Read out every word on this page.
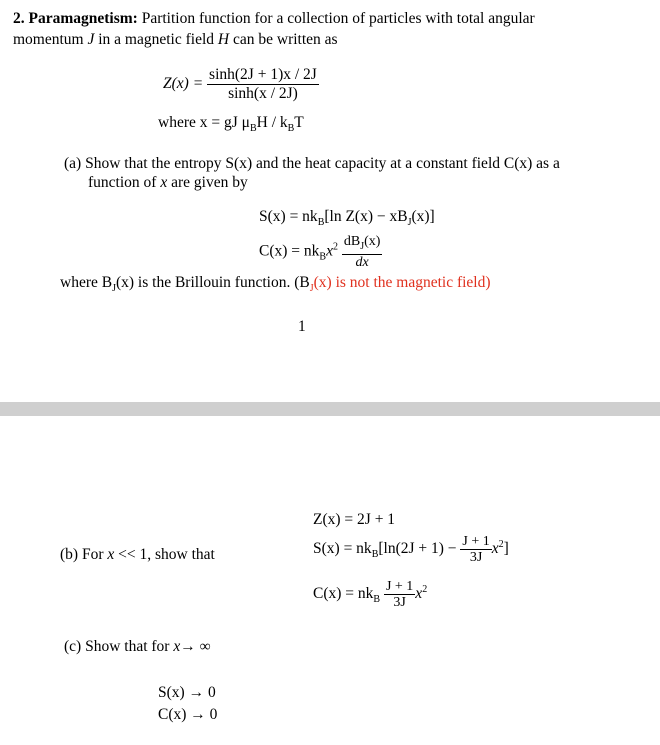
2. Paramagnetism: Partition function for a collection of particles with total angular
momentum J in a magnetic field H can be written as
$Z(x) = \frac{\sinh(2J + 1)x / 2J}{\sinh(x / 2J)}$
where x = gJ $\mu_BH / k_BT$
(a) Show that the entropy S(x) and the heat capacity at a constant field C(x) as a
function of x are given by
$S(x) = nk_B[\ln$ $Z(x) - xB_J(x)$]
$C(x) = nk_Bx^2 \frac{dB_J(x)}{dx}$
where $B_J(x)$ is the Brillouin function. ($B_J(x)$ is not the magnetic field)
1
Z(x) = 2J + 1
(b) For x << 1, show that	$S(x) = nk_B[\ln(2J + 1) - \frac{J + 1}{3J} x^2]$
$C(x) = nk_B \frac{J + 1}{3J} x^2$
(c) Show that for x→ ∞
S(x) → 0
C(x) → 0
